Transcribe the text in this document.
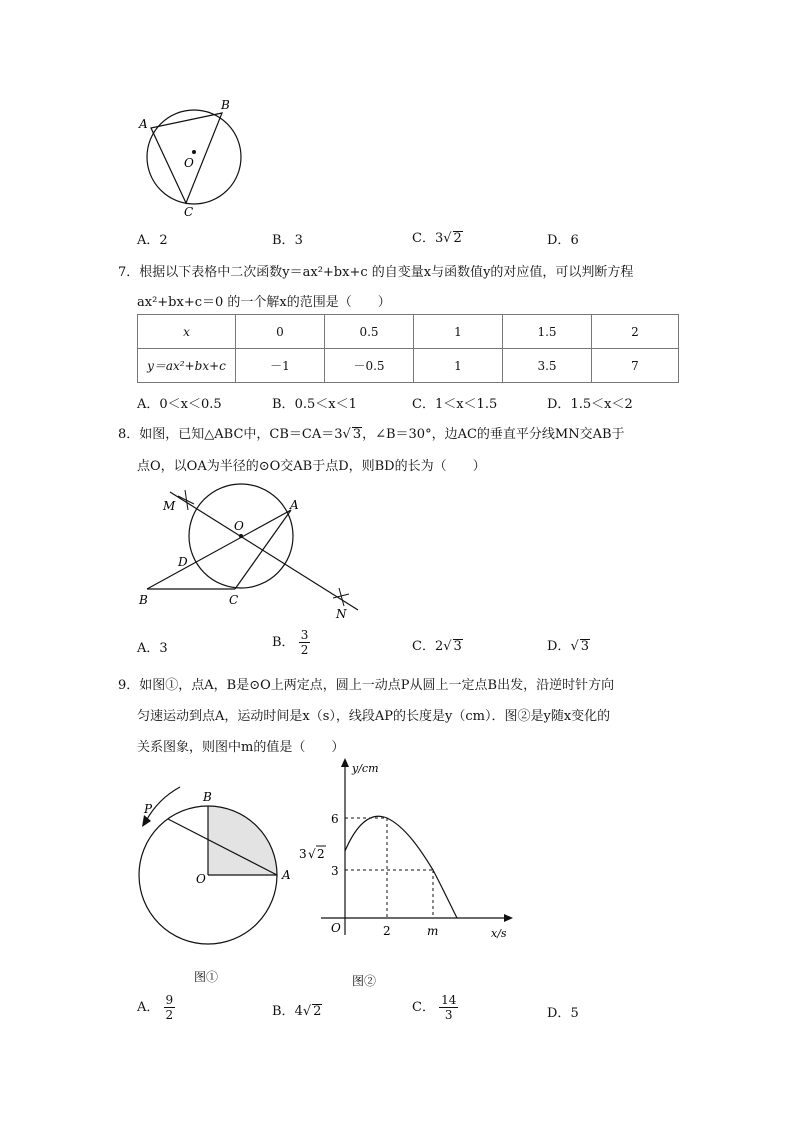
A
B
O
C
A．2	B．3	C．3√ 2	D．6
7．根据以下表格中二次函数y＝ax²+bx+c 的自变量x与函数值y的对应值，可以判断方程
ax²+bx+c＝0 的一个解x的范围是（　　）
x	0	0.5	1	1.5	2
y＝ax²+bx+c	－1	－0.5	1	3.5	7
A．0＜x＜0.5	B．0.5＜x＜1	C．1＜x＜1.5	D．1.5＜x＜2
8．如图，已知△ABC中，CB＝CA＝3√ 3，∠B＝30°，边AC的垂直平分线MN交AB于
点O，以OA为半径的⊙O交AB于点D，则BD的长为（　　）
M
O
A
D
B	C
N
A．3	B． $\frac{3}{2}$	C．2√ 3	D．√ 3
9．如图①，点A，B是⊙O上两定点，圆上一动点P从圆上一定点B出发，沿逆时针方向
匀速运动到点A，运动时间是x（s），线段AP的长度是y（cm）．图②是y随x变化的
关系图象，则图中m的值是（　　）
P
B
O	A
图①
y/cm
x/s
6
3 √ 2
3
O	2	m
图②
A． $\frac{9}{2}$	B．4√ 2	C． $\frac{14}{3}$	D．5
